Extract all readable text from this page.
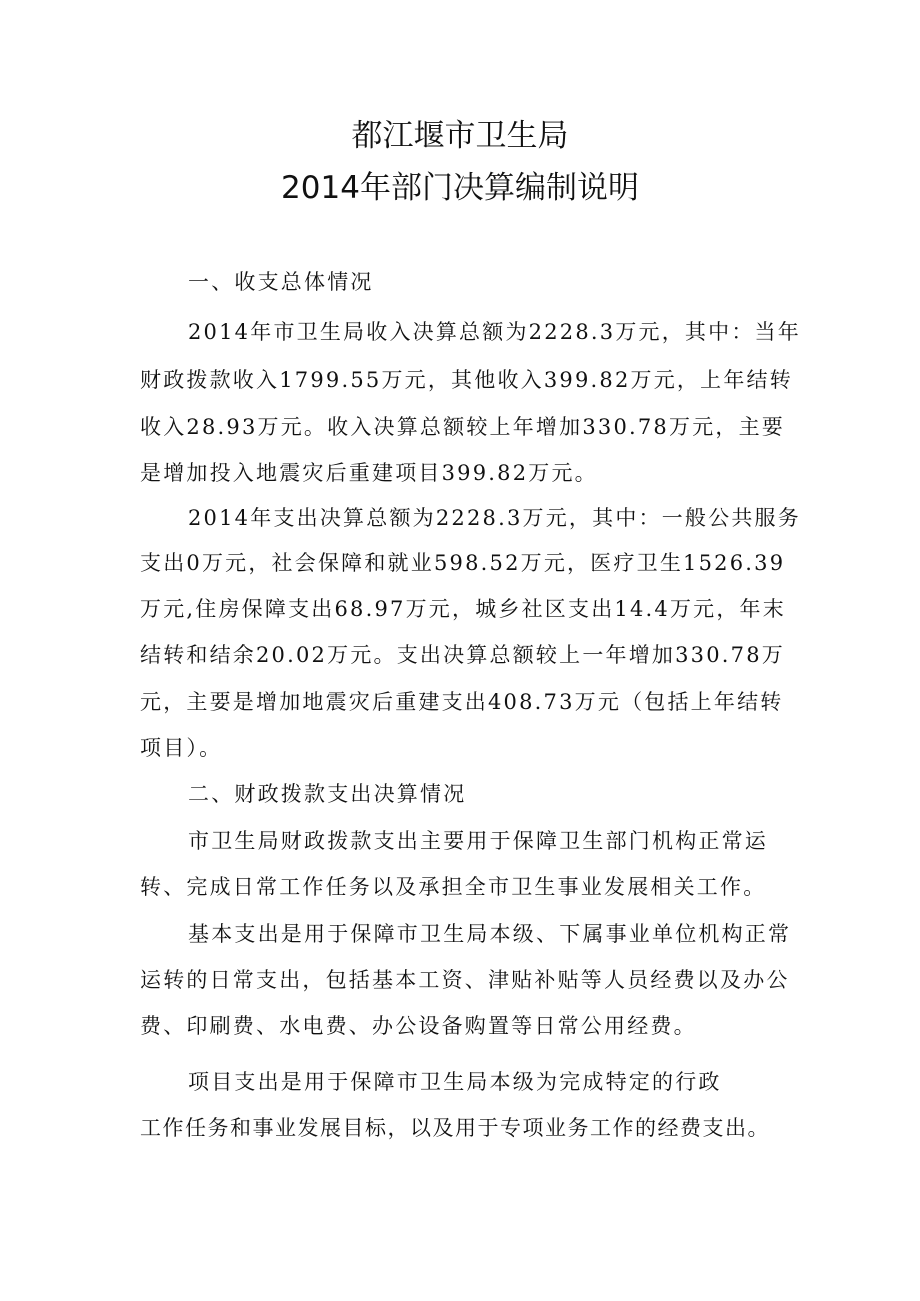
都江堰市卫生局
2014年部门决算编制说明
一、收支总体情况
2014年市卫生局收入决算总额为2228.3万元，其中：当年
财政拨款收入1799.55万元，其他收入399.82万元，上年结转
收入28.93万元。收入决算总额较上年增加330.78万元，主要
是增加投入地震灾后重建项目399.82万元。
2014年支出决算总额为2228.3万元，其中：一般公共服务
支出0万元，社会保障和就业598.52万元，医疗卫生1526.39
万元,住房保障支出68.97万元，城乡社区支出14.4万元，年末
结转和结余20.02万元。支出决算总额较上一年增加330.78万
元，主要是增加地震灾后重建支出408.73万元（包括上年结转
项目）。
二、财政拨款支出决算情况
市卫生局财政拨款支出主要用于保障卫生部门机构正常运
转、完成日常工作任务以及承担全市卫生事业发展相关工作。
基本支出是用于保障市卫生局本级、下属事业单位机构正常
运转的日常支出，包括基本工资、津贴补贴等人员经费以及办公
费、印刷费、水电费、办公设备购置等日常公用经费。
项目支出是用于保障市卫生局本级为完成特定的行政
工作任务和事业发展目标，以及用于专项业务工作的经费支出。
